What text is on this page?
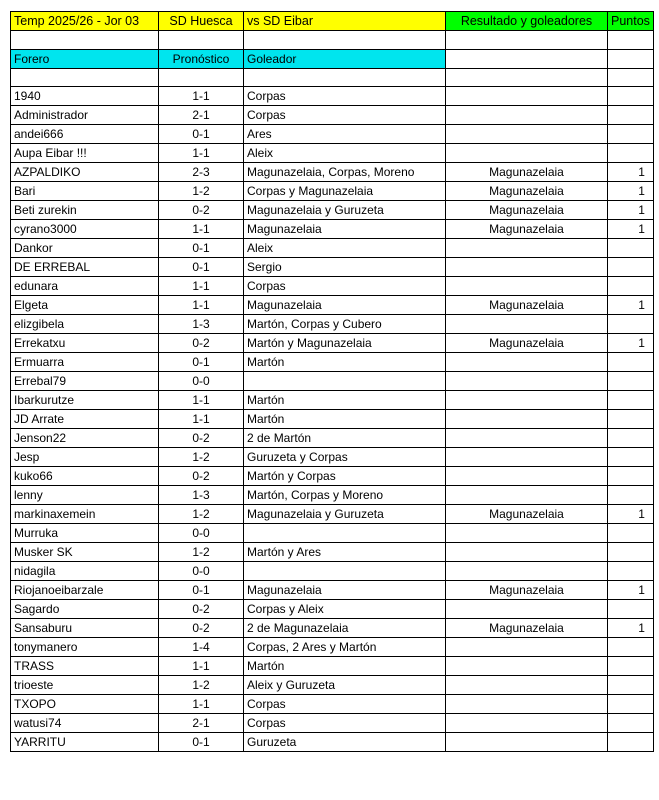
Temp 2025/26 - Jor 03	SD Huesca	vs SD Eibar	Resultado y goleadores	Puntos

Forero	Pronóstico	Goleador		

1940	1-1	Corpas		
Administrador	2-1	Corpas		
andei666	0-1	Ares		
Aupa Eibar !!!	1-1	Aleix		
AZPALDIKO	2-3	Magunazelaia, Corpas, Moreno	Magunazelaia	1
Bari	1-2	Corpas y Magunazelaia	Magunazelaia	1
Beti zurekin	0-2	Magunazelaia y Guruzeta	Magunazelaia	1
cyrano3000	1-1	Magunazelaia	Magunazelaia	1
Dankor	0-1	Aleix		
DE ERREBAL	0-1	Sergio		
edunara	1-1	Corpas		
Elgeta	1-1	Magunazelaia	Magunazelaia	1
elizgibela	1-3	Martón, Corpas y Cubero		
Errekatxu	0-2	Martón y Magunazelaia	Magunazelaia	1
Ermuarra	0-1	Martón		
Errebal79	0-0			
Ibarkurutze	1-1	Martón		
JD Arrate	1-1	Martón		
Jenson22	0-2	2 de Martón		
Jesp	1-2	Guruzeta y Corpas		
kuko66	0-2	Martón y Corpas		
lenny	1-3	Martón, Corpas y Moreno		
markinaxemein	1-2	Magunazelaia y Guruzeta	Magunazelaia	1
Murruka	0-0			
Musker SK	1-2	Martón y Ares		
nidagila	0-0			
Riojanoeibarzale	0-1	Magunazelaia	Magunazelaia	1
Sagardo	0-2	Corpas y Aleix		
Sansaburu	0-2	2 de Magunazelaia	Magunazelaia	1
tonymanero	1-4	Corpas, 2 Ares y Martón		
TRASS	1-1	Martón		
trioeste	1-2	Aleix y Guruzeta		
TXOPO	1-1	Corpas		
watusi74	2-1	Corpas		
YARRITU	0-1	Guruzeta		
